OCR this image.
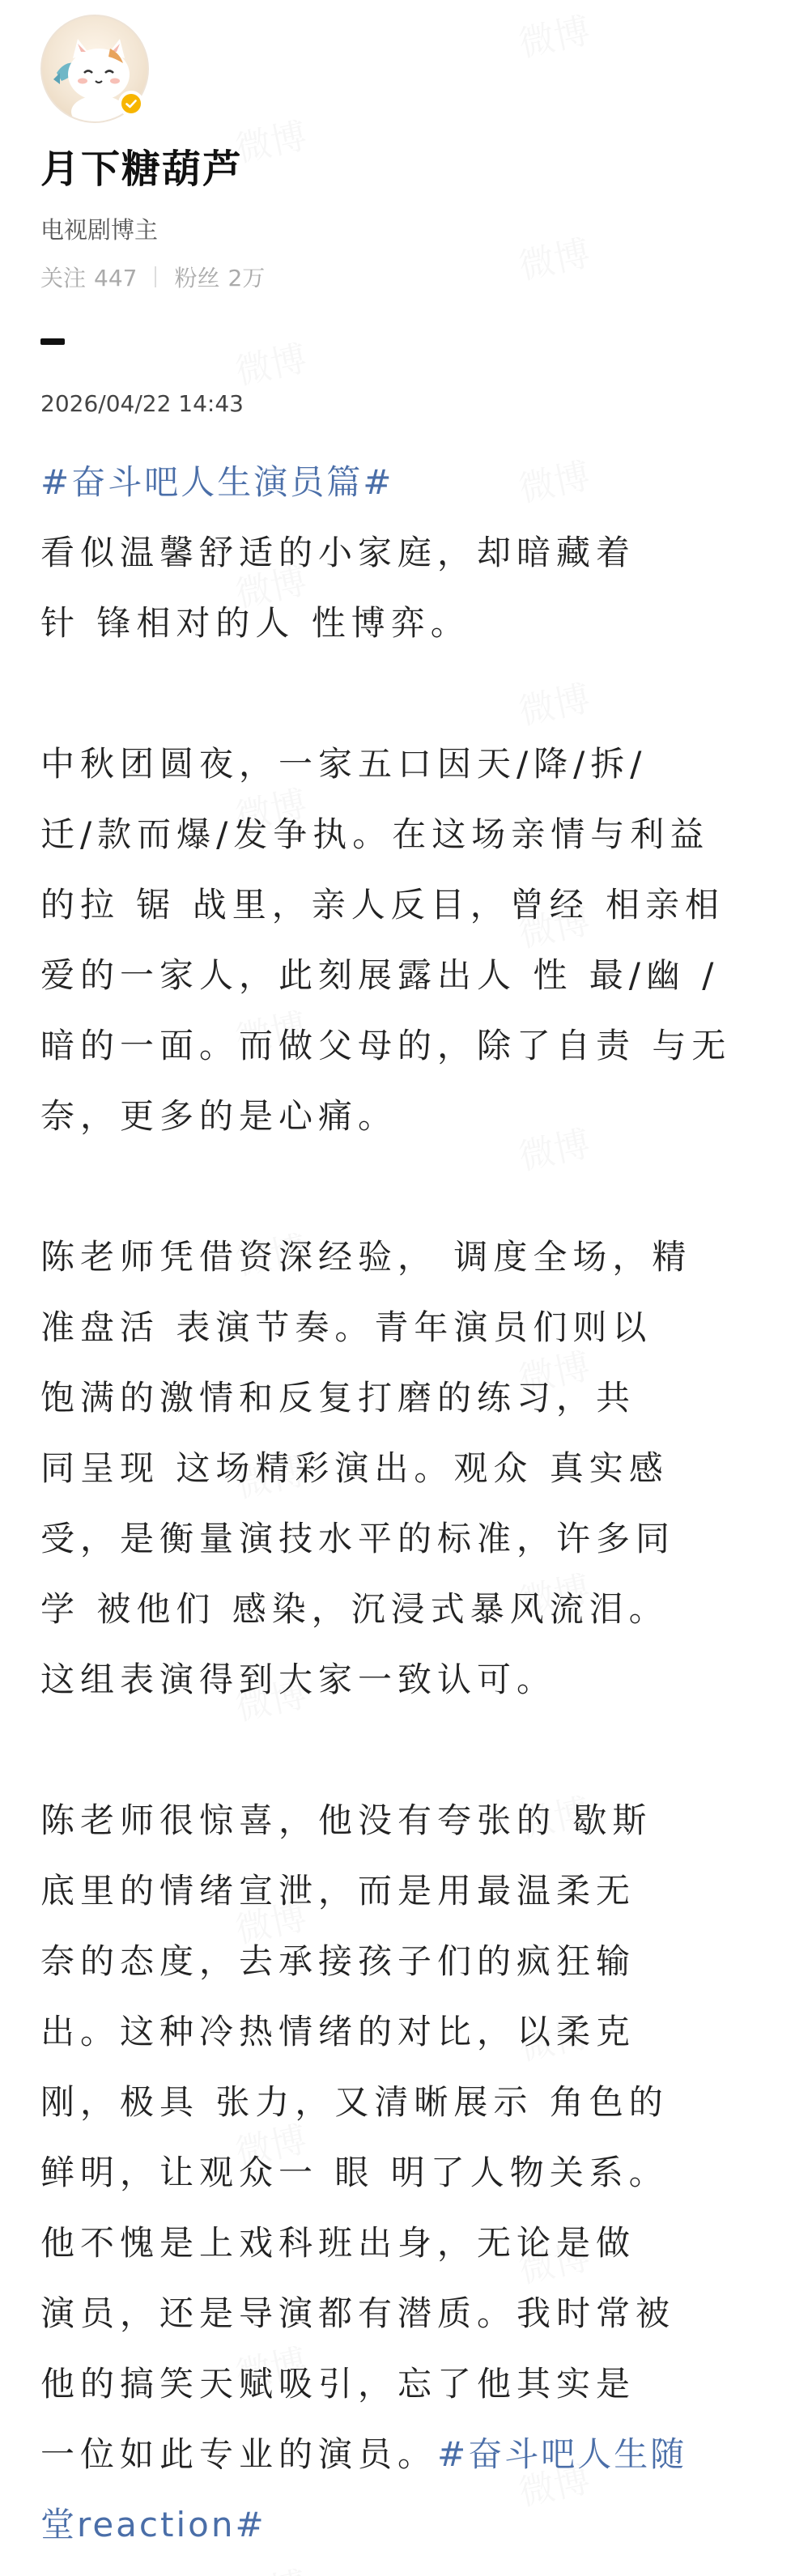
月下糖葫芦
电视剧博主
关注 447 粉丝 2万
2026/04/22 14:43
#奋斗吧人生演员篇#
看似温馨舒适的小家庭，却暗藏着
针 锋相对的人 性博弈。
中秋团圆夜，一家五口因天/降/拆/
迁/款而爆/发争执。在这场亲情与利益
的拉 锯 战里，亲人反目，曾经 相亲相
爱的一家人，此刻展露出人 性 最/幽 /
暗的一面。而做父母的，除了自责 与无
奈，更多的是心痛。
陈老师凭借资深经验， 调度全场，精
准盘活 表演节奏。青年演员们则以
饱满的激情和反复打磨的练习，共
同呈现 这场精彩演出。观众 真实感
受，是衡量演技水平的标准，许多同
学 被他们 感染，沉浸式暴风流泪。
这组表演得到大家一致认可。
陈老师很惊喜，他没有夸张的 歇斯
底里的情绪宣泄，而是用最温柔无
奈的态度，去承接孩子们的疯狂输
出。这种冷热情绪的对比，以柔克
刚，极具 张力，又清晰展示 角色的
鲜明，让观众一 眼 明了人物关系。
他不愧是上戏科班出身，无论是做
演员，还是导演都有潜质。我时常被
他的搞笑天赋吸引，忘了他其实是
一位如此专业的演员。#奋斗吧人生随
堂reaction#
